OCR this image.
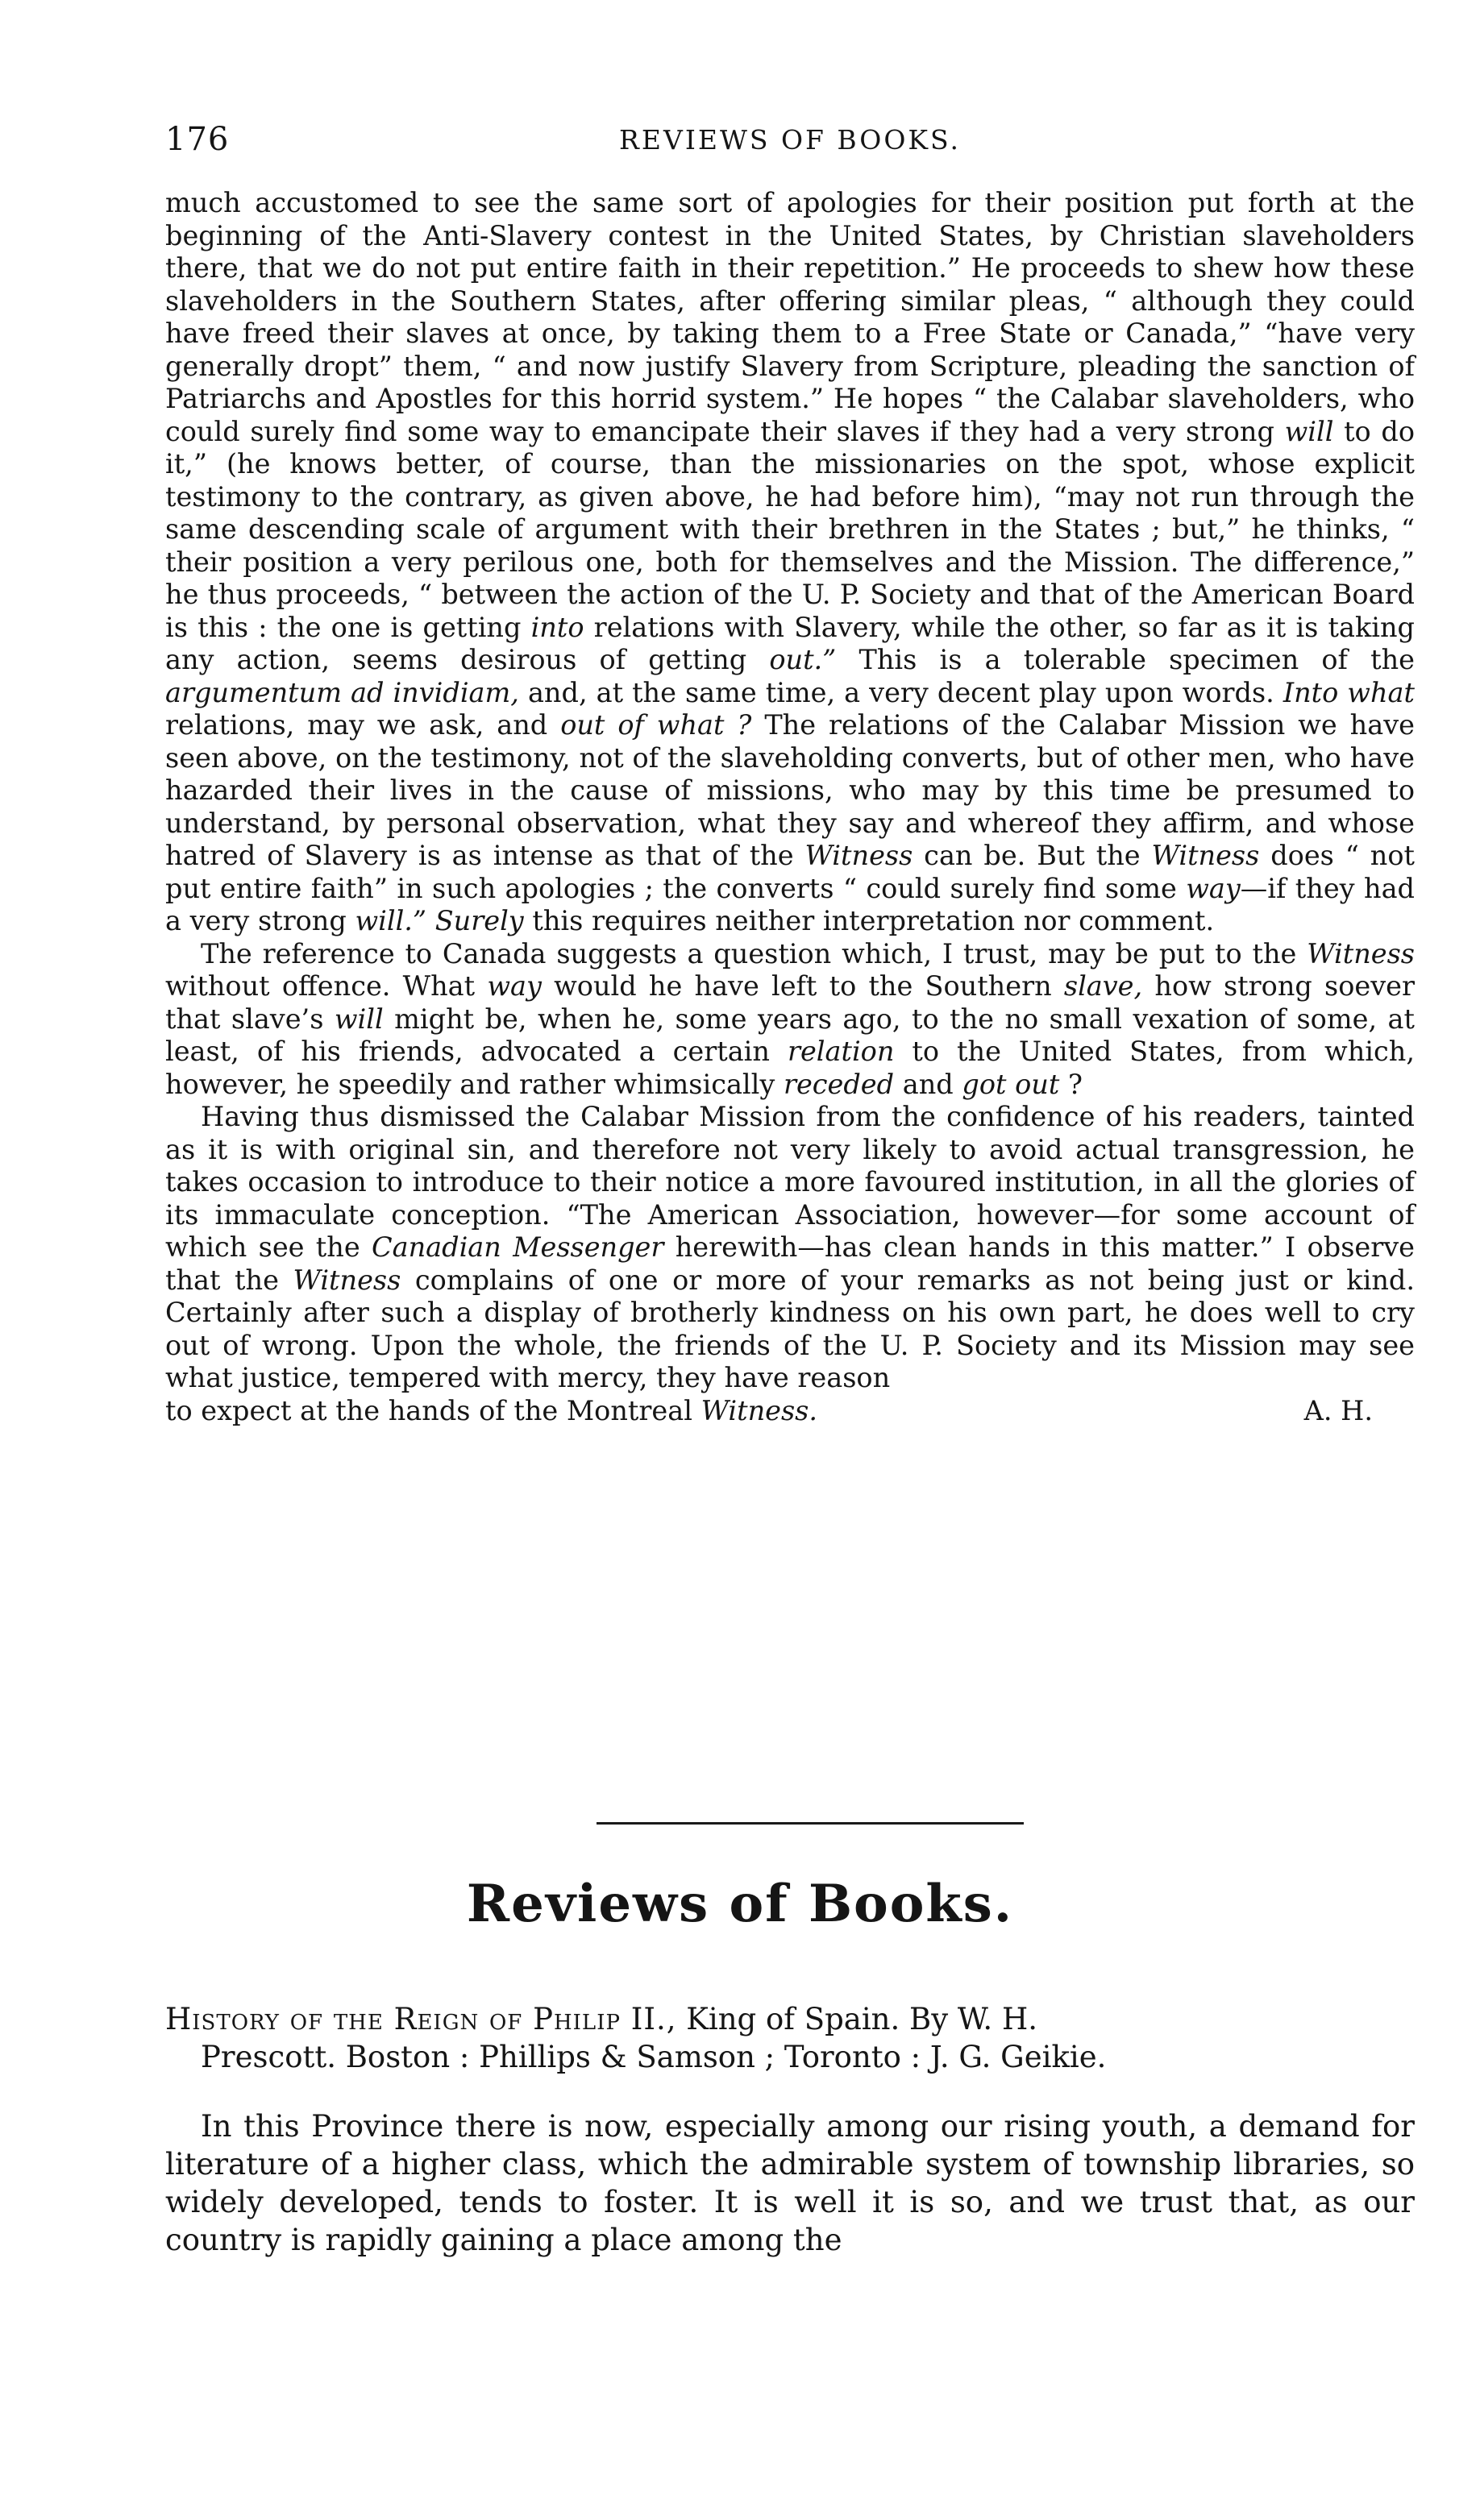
176	REVIEWS OF BOOKS.

much accustomed to see the same sort of apologies for their position put forth at the beginning of the Anti-Slavery contest in the United States, by Christian slaveholders there, that we do not put entire faith in their repetition.” He proceeds to shew how these slaveholders in the Southern States, after offering similar pleas, “ although they could have freed their slaves at once, by taking them to a Free State or Canada,” “have very generally dropt” them, “ and now justify Slavery from Scripture, pleading the sanction of Patriarchs and Apostles for this horrid system.” He hopes “ the Calabar slaveholders, who could surely find some way to emancipate their slaves if they had a very strong will to do it,” (he knows better, of course, than the missionaries on the spot, whose explicit testimony to the contrary, as given above, he had before him), “may not run through the same descending scale of argument with their brethren in the States ; but,” he thinks, “ their position a very perilous one, both for themselves and the Mission. The difference,” he thus proceeds, “ between the action of the U. P. Society and that of the American Board is this : the one is getting into relations with Slavery, while the other, so far as it is taking any action, seems desirous of getting out.” This is a tolerable specimen of the argumentum ad invidiam, and, at the same time, a very decent play upon words. Into what relations, may we ask, and out of what ? The relations of the Calabar Mission we have seen above, on the testimony, not of the slaveholding converts, but of other men, who have hazarded their lives in the cause of missions, who may by this time be presumed to understand, by personal observation, what they say and whereof they affirm, and whose hatred of Slavery is as intense as that of the Witness can be. But the Witness does “ not put entire faith” in such apologies ; the converts “ could surely find some way—if they had a very strong will.” Surely this requires neither interpretation nor comment.

The reference to Canada suggests a question which, I trust, may be put to the Witness without offence. What way would he have left to the Southern slave, how strong soever that slave’s will might be, when he, some years ago, to the no small vexation of some, at least, of his friends, advocated a certain relation to the United States, from which, however, he speedily and rather whimsically receded and got out ?

Having thus dismissed the Calabar Mission from the confidence of his readers, tainted as it is with original sin, and therefore not very likely to avoid actual transgression, he takes occasion to introduce to their notice a more favoured institution, in all the glories of its immaculate conception. “The American Association, however—for some account of which see the Canadian Messenger herewith—has clean hands in this matter.” I observe that the Witness complains of one or more of your remarks as not being just or kind. Certainly after such a display of brotherly kindness on his own part, he does well to cry out of wrong. Upon the whole, the friends of the U. P. Society and its Mission may see what justice, tempered with mercy, they have reason

to expect at the hands of the Montreal Witness.	A. H.
Reviews of Books.
History of the Reign of Philip II., King of Spain. By W. H.
Prescott. Boston : Phillips & Samson ; Toronto : J. G. Geikie.

In this Province there is now, especially among our rising youth, a demand for literature of a higher class, which the admirable system of township libraries, so widely developed, tends to foster. It is well it is so, and we trust that, as our country is rapidly gaining a place among the
